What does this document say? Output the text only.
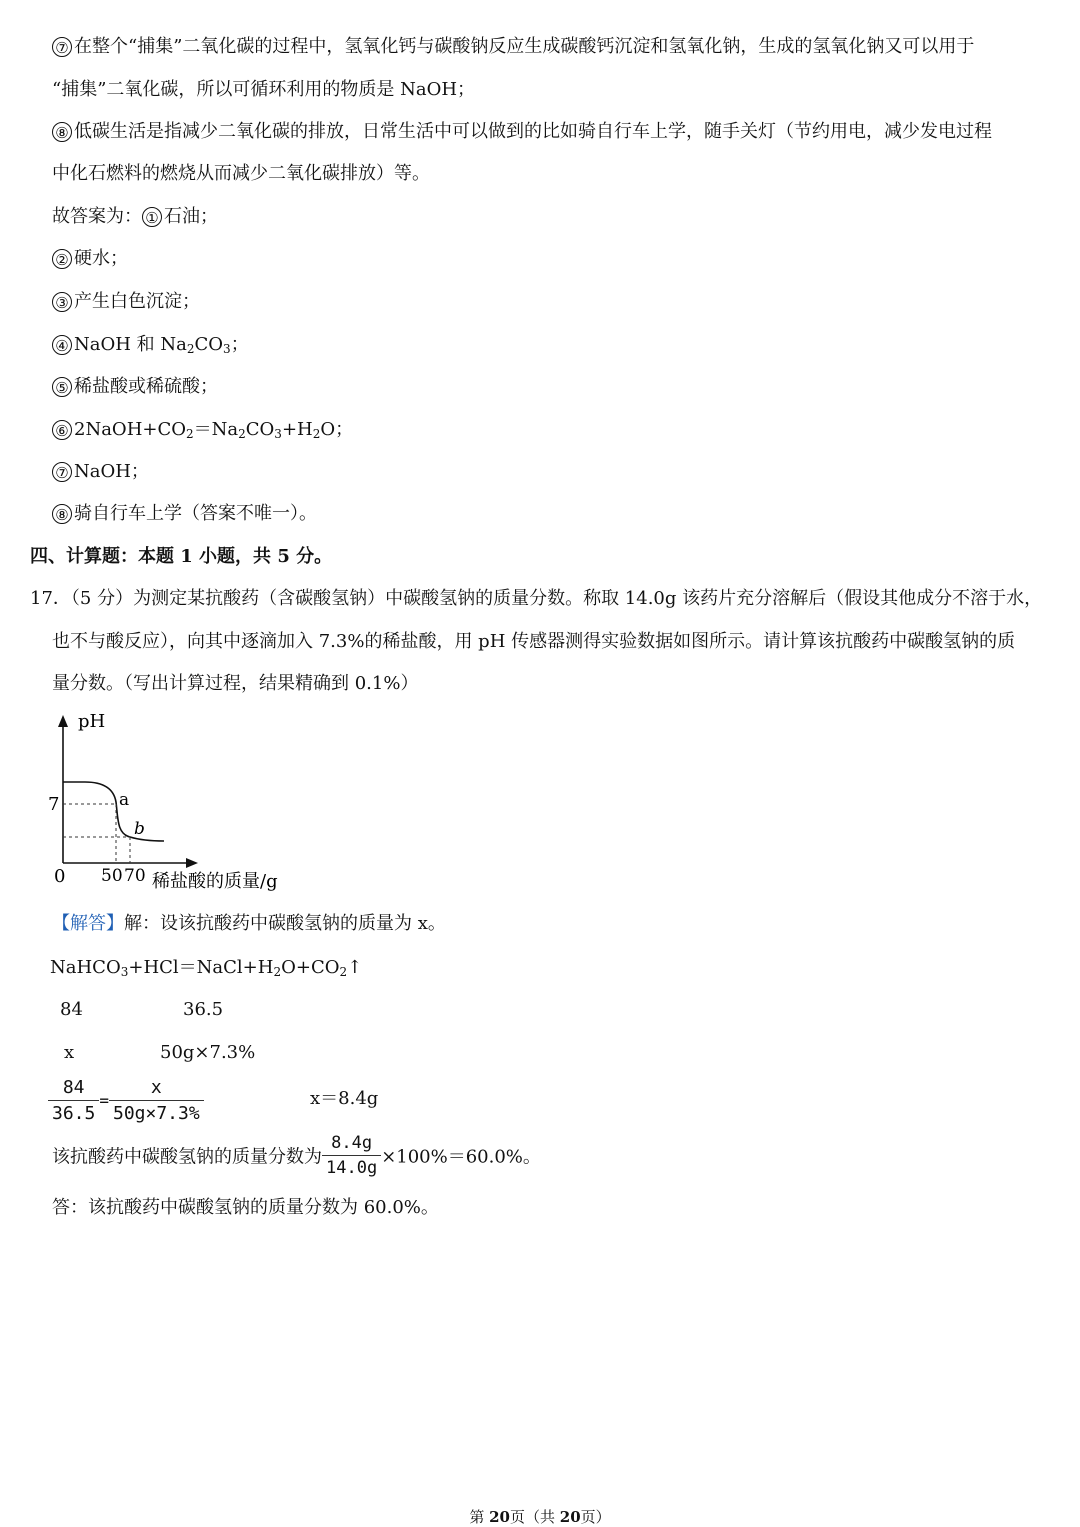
⑦ 在整个“捕集”二氧化碳的过程中，氢氧化钙与碳酸钠反应生成碳酸钙沉淀和氢氧化钠，生成的氢氧化钠又可以用于
“捕集”二氧化碳，所以可循环利用的物质是 NaOH；
⑧ 低碳生活是指减少二氧化碳的排放，日常生活中可以做到的比如骑自行车上学，随手关灯（节约用电，减少发电过程
中化石燃料的燃烧从而减少二氧化碳排放）等。
故答案为： ① 石油；
② 硬水；
③ 产生白色沉淀；
④ NaOH 和 $Na_2CO_3$；
⑤ 稀盐酸或稀硫酸；
⑥ $2NaOH+CO_2=Na_2CO_3+H_2O$；
⑦ NaOH；
⑧ 骑自行车上学（答案不唯一）。
四、计算题：本题 1 小题，共 5 分。
17．（5 分）为测定某抗酸药（含碳酸氢钠）中碳酸氢钠的质量分数。称取 14.0g 该药片充分溶解后（假设其他成分不溶于水，
也不与酸反应），向其中逐滴加入 7.3%的稀盐酸，用 pH 传感器测得实验数据如图所示。请计算该抗酸药中碳酸氢钠的质
量分数。（写出计算过程，结果精确到 0.1%）
pH
7
0 50 70
a
b
稀盐酸的质量/g
【解答】解：设该抗酸药中碳酸氢钠的质量为 x。
$NaHCO_3+HCl=NaCl+H_2O+CO_2↑$
84	36.5
x	50g×7.3%
$\frac{84}{36.5} = \frac{x}{50g\times 7.3\%}$	x＝8.4g
该抗酸药中碳酸氢钠的质量分数为 $\frac{8.4g}{14.0g} \times 100\%=60.0\%$。
答：该抗酸药中碳酸氢钠的质量分数为 60.0%。
第 20页（共 20页）
